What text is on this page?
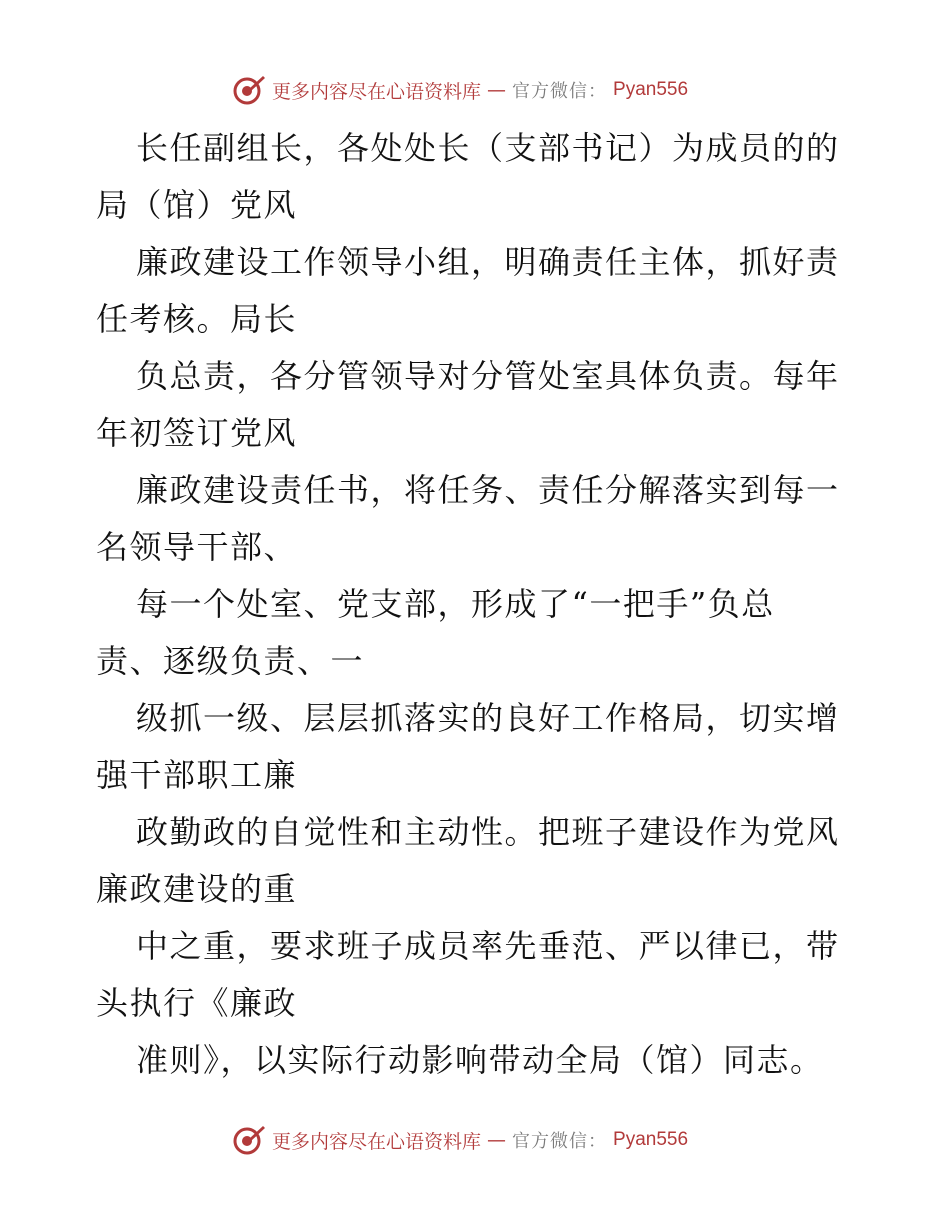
更多内容尽在心语资料库 — 官方微信： Pyan556
长任副组长，各处处长（支部书记）为成员的的
局（馆）党风
廉政建设工作领导小组，明确责任主体，抓好责
任考核。局长
负总责，各分管领导对分管处室具体负责。每年
年初签订党风
廉政建设责任书，将任务、责任分解落实到每一
名领导干部、
每一个处室、党支部，形成了“一把手”负总
责、逐级负责、一
级抓一级、层层抓落实的良好工作格局，切实增
强干部职工廉
政勤政的自觉性和主动性。把班子建设作为党风
廉政建设的重
中之重，要求班子成员率先垂范、严以律已，带
头执行《廉政
准则》，以实际行动影响带动全局（馆）同志。
更多内容尽在心语资料库 — 官方微信： Pyan556
